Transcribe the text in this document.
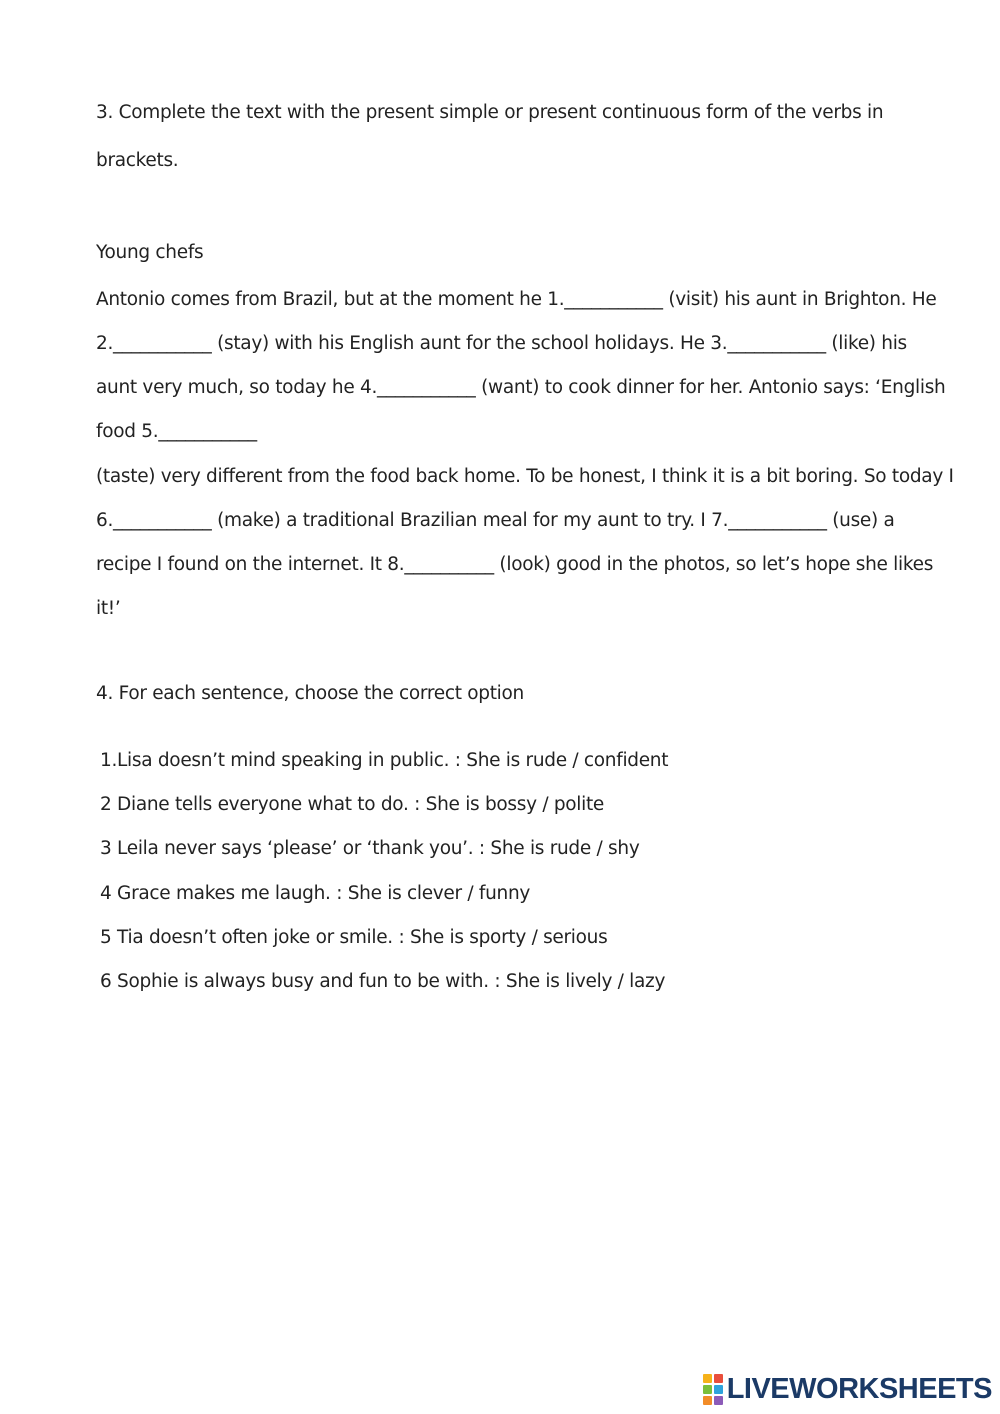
3. Complete the text with the present simple or present continuous form of the verbs in
brackets.
Young chefs
Antonio comes from Brazil, but at the moment he 1.___________ (visit) his aunt in Brighton. He
2.___________ (stay) with his English aunt for the school holidays. He 3.___________ (like) his
aunt very much, so today he 4.___________ (want) to cook dinner for her. Antonio says: ‘English
food 5.___________
(taste) very different from the food back home. To be honest, I think it is a bit boring. So today I
6.___________ (make) a traditional Brazilian meal for my aunt to try. I 7.___________ (use) a
recipe I found on the internet. It 8.__________ (look) good in the photos, so let’s hope she likes
it!’
4. For each sentence, choose the correct option
1.Lisa doesn’t mind speaking in public. : She is rude / confident
2 Diane tells everyone what to do. : She is bossy / polite
3 Leila never says ‘please’ or ‘thank you’. : She is rude / shy
4 Grace makes me laugh. : She is clever / funny
5 Tia doesn’t often joke or smile. : She is sporty / serious
6 Sophie is always busy and fun to be with. : She is lively / lazy
LIVEWORKSHEETS
